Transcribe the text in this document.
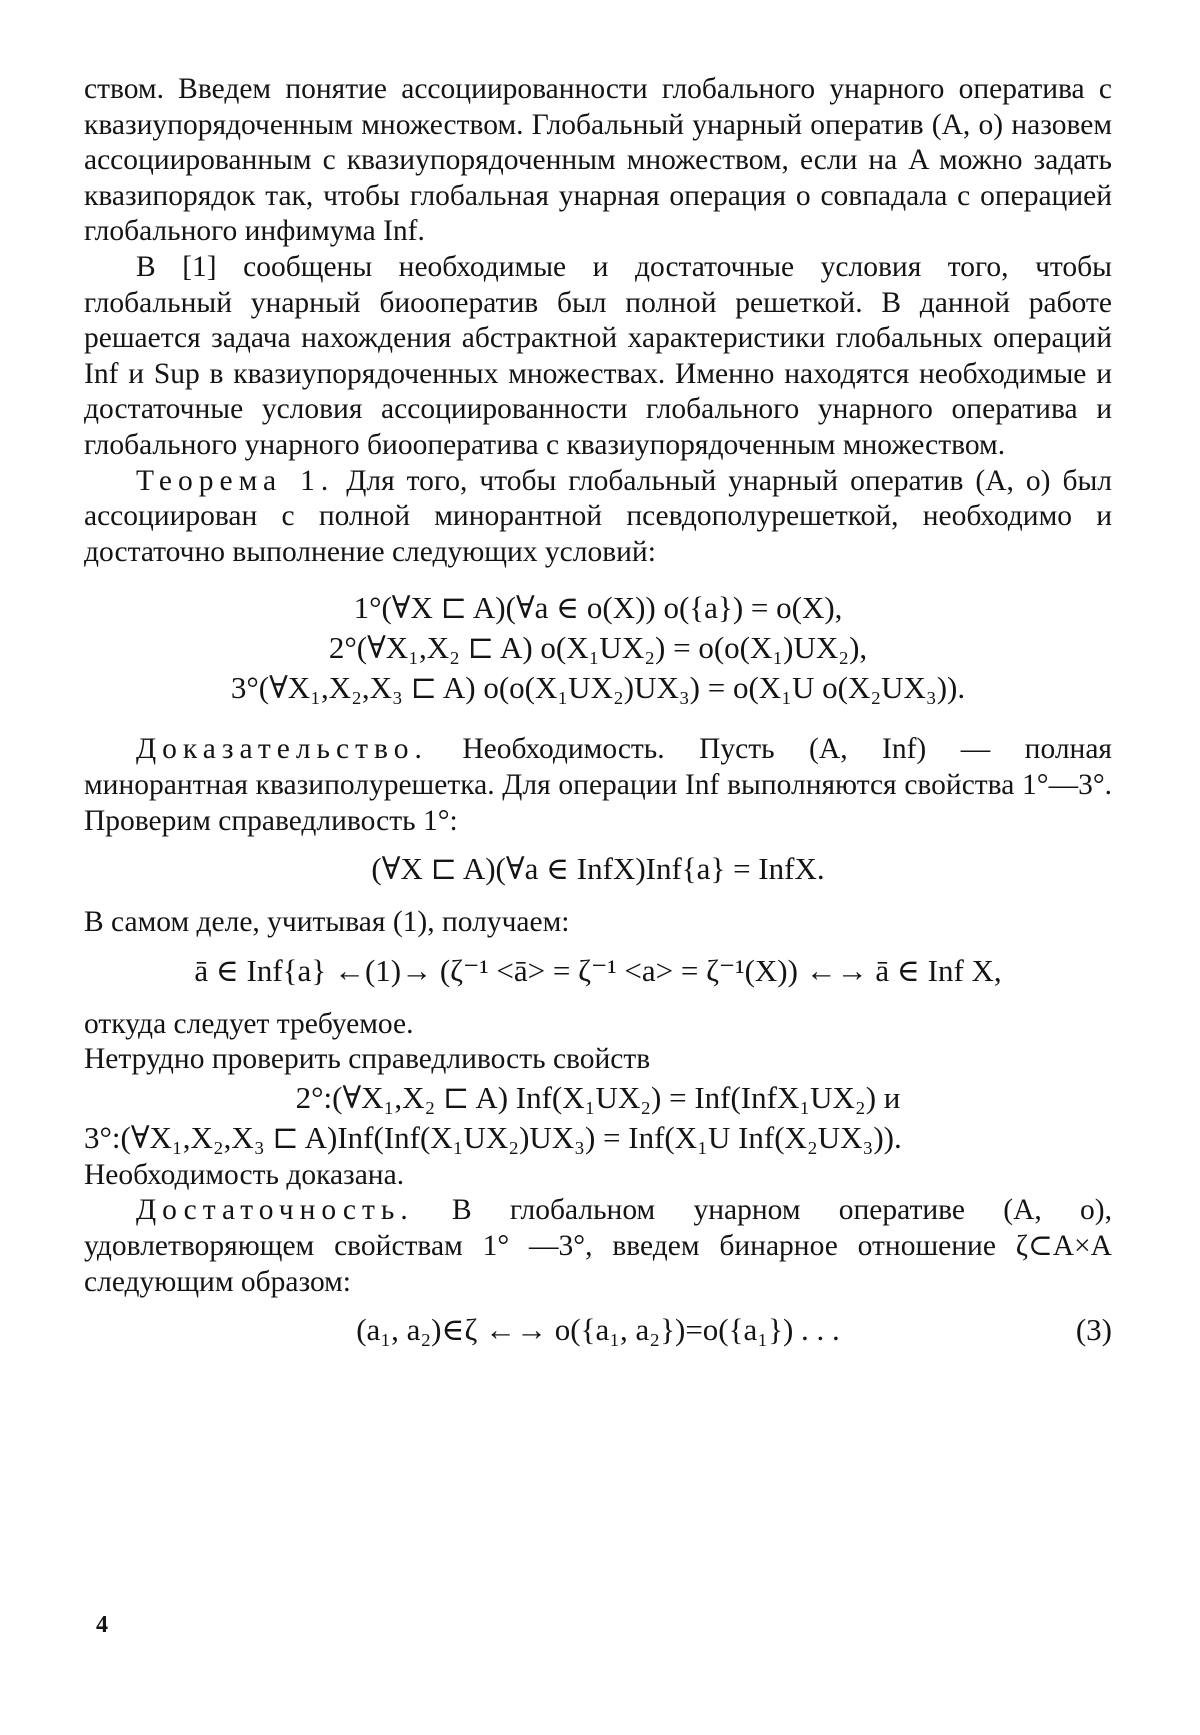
ством. Введем понятие ассоциированности глобального унарного оператива с квазиупорядоченным множеством. Глобальный унарный оператив (A, o) назовем ассоциированным с квазиупорядоченным множеством, если на A можно задать квазипорядок так, чтобы глобальная унарная операция o совпадала с операцией глобального инфимума Inf.

В [1] сообщены необходимые и достаточные условия того, чтобы глобальный унарный биооператив был полной решеткой. В данной работе решается задача нахождения абстрактной характеристики глобальных операций Inf и Sup в квазиупорядоченных множествах. Именно находятся необходимые и достаточные условия ассоциированности глобального унарного оператива и глобального унарного биооператива с квазиупорядоченным множеством.

Теорема 1. Для того, чтобы глобальный унарный оператив (A, o) был ассоциирован с полной минорантной псевдополурешеткой, необходимо и достаточно выполнение следующих условий:

1°(∀X ⊏ A)(∀a ∈ o(X)) o({a}) = o(X),
2°(∀X₁,X₂ ⊏ A) o(X₁UX₂) = o(o(X₁)UX₂),
3°(∀X₁,X₂,X₃ ⊏ A) o(o(X₁UX₂)UX₃) = o(X₁U o(X₂UX₃)).

Доказательство. Необходимость. Пусть (A, Inf) — полная минорантная квазиполурешетка. Для операции Inf выполняются свойства 1°—3°. Проверим справедливость 1°:

(∀X ⊏ A)(∀a ∈ InfX)Inf{a} = InfX.

В самом деле, учитывая (1), получаем:

ā ∈ Inf{a} ←(1)→ (ζ⁻¹ <ā> = ζ⁻¹ <a> = ζ⁻¹(X)) ←→ ā ∈ Inf X,

откуда следует требуемое.

Нетрудно проверить справедливость свойств

2°:(∀X₁,X₂ ⊏ A) Inf(X₁UX₂) = Inf(InfX₁UX₂) и
3°:(∀X₁,X₂,X₃ ⊏ A)Inf(Inf(X₁UX₂)UX₃) = Inf(X₁U Inf(X₂UX₃)).

Необходимость доказана.

Достаточность. В глобальном унарном оперативе (A, o), удовлетворяющем свойствам 1° —3°, введем бинарное отношение ζ⊂A×A следующим образом:

(a₁, a₂)∈ζ ←→ o({a₁, a₂})=o({a₁}) . . .	(3)
4
